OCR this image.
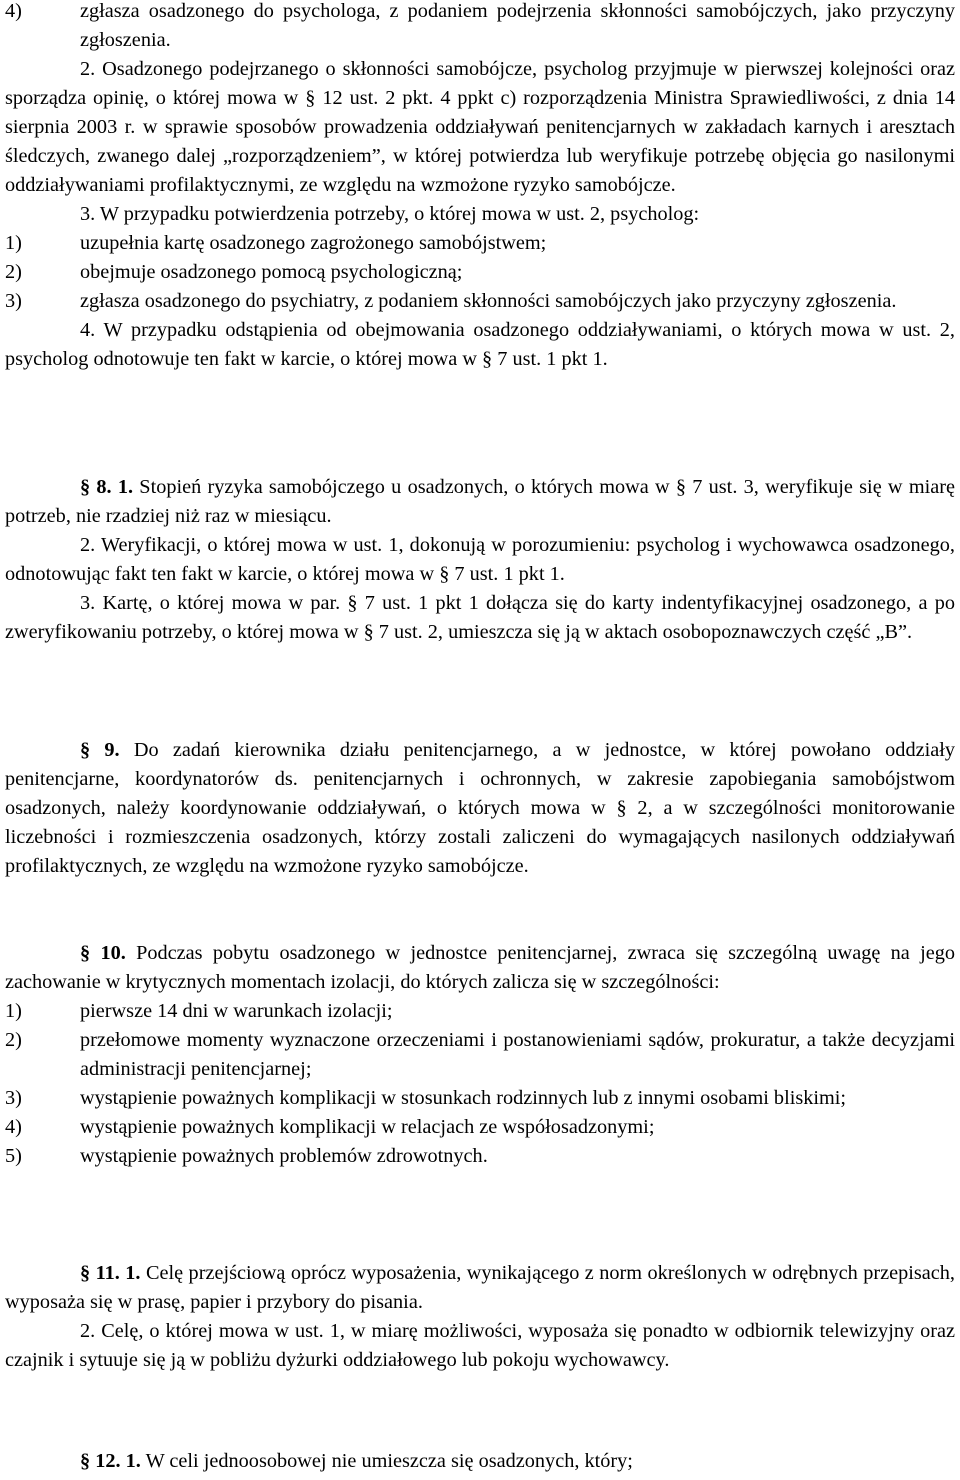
4)	zgłasza osadzonego do psychologa, z podaniem podejrzenia skłonności samobójczych, jako przyczyny zgłoszenia.

2. Osadzonego podejrzanego o skłonności samobójcze, psycholog przyjmuje w pierwszej kolejności oraz sporządza opinię, o której mowa w § 12 ust. 2 pkt. 4 ppkt c) rozporządzenia Ministra Sprawiedliwości, z dnia 14 sierpnia 2003 r. w sprawie sposobów prowadzenia oddziaływań penitencjarnych w zakładach karnych i aresztach śledczych, zwanego dalej „rozporządzeniem”, w której potwierdza lub weryfikuje potrzebę objęcia go nasilonymi oddziaływaniami profilaktycznymi, ze względu na wzmożone ryzyko samobójcze.

3. W przypadku potwierdzenia potrzeby, o której mowa w ust. 2, psycholog:

1)	uzupełnia kartę osadzonego zagrożonego samobójstwem;

2)	obejmuje osadzonego pomocą psychologiczną;

3)	zgłasza osadzonego do psychiatry, z podaniem skłonności samobójczych jako przyczyny zgłoszenia.

4. W przypadku odstąpienia od obejmowania osadzonego oddziaływaniami, o których mowa w ust. 2, psycholog odnotowuje ten fakt w karcie, o której mowa w § 7 ust. 1 pkt 1.

§ 8. 1. Stopień ryzyka samobójczego u osadzonych, o których mowa w § 7 ust. 3, weryfikuje się w miarę potrzeb, nie rzadziej niż raz w miesiącu.

2. Weryfikacji, o której mowa w ust. 1, dokonują w porozumieniu: psycholog i wychowawca osadzonego, odnotowując fakt ten fakt w karcie, o której mowa w § 7 ust. 1 pkt 1.

3. Kartę, o której mowa w par. § 7 ust. 1 pkt 1 dołącza się do karty indentyfikacyjnej osadzonego, a po zweryfikowaniu potrzeby, o której mowa w § 7 ust. 2, umieszcza się ją w aktach osobopoznawczych część „B”.

§ 9. Do zadań kierownika działu penitencjarnego, a w jednostce, w której powołano oddziały penitencjarne, koordynatorów ds. penitencjarnych i ochronnych, w zakresie zapobiegania samobójstwom osadzonych, należy koordynowanie oddziaływań, o których mowa w § 2, a w szczególności monitorowanie liczebności i rozmieszczenia osadzonych, którzy zostali zaliczeni do wymagających nasilonych oddziaływań profilaktycznych, ze względu na wzmożone ryzyko samobójcze.

§ 10. Podczas pobytu osadzonego w jednostce penitencjarnej, zwraca się szczególną uwagę na jego zachowanie w krytycznych momentach izolacji, do których zalicza się w szczególności:

1)	pierwsze 14 dni w warunkach izolacji;

2)	przełomowe momenty wyznaczone orzeczeniami i postanowieniami sądów, prokuratur, a także decyzjami administracji penitencjarnej;

3)	wystąpienie poważnych komplikacji w stosunkach rodzinnych lub z innymi osobami bliskimi;

4)	wystąpienie poważnych komplikacji w relacjach ze współosadzonymi;

5)	wystąpienie poważnych problemów zdrowotnych.

§ 11. 1. Celę przejściową oprócz wyposażenia, wynikającego z norm określonych w odrębnych przepisach, wyposaża się w prasę, papier i przybory do pisania.

2. Celę, o której mowa w ust. 1, w miarę możliwości, wyposaża się ponadto w odbiornik telewizyjny oraz czajnik i sytuuje się ją w pobliżu dyżurki oddziałowego lub pokoju wychowawcy.

§ 12. 1. W celi jednoosobowej nie umieszcza się osadzonych, który;
